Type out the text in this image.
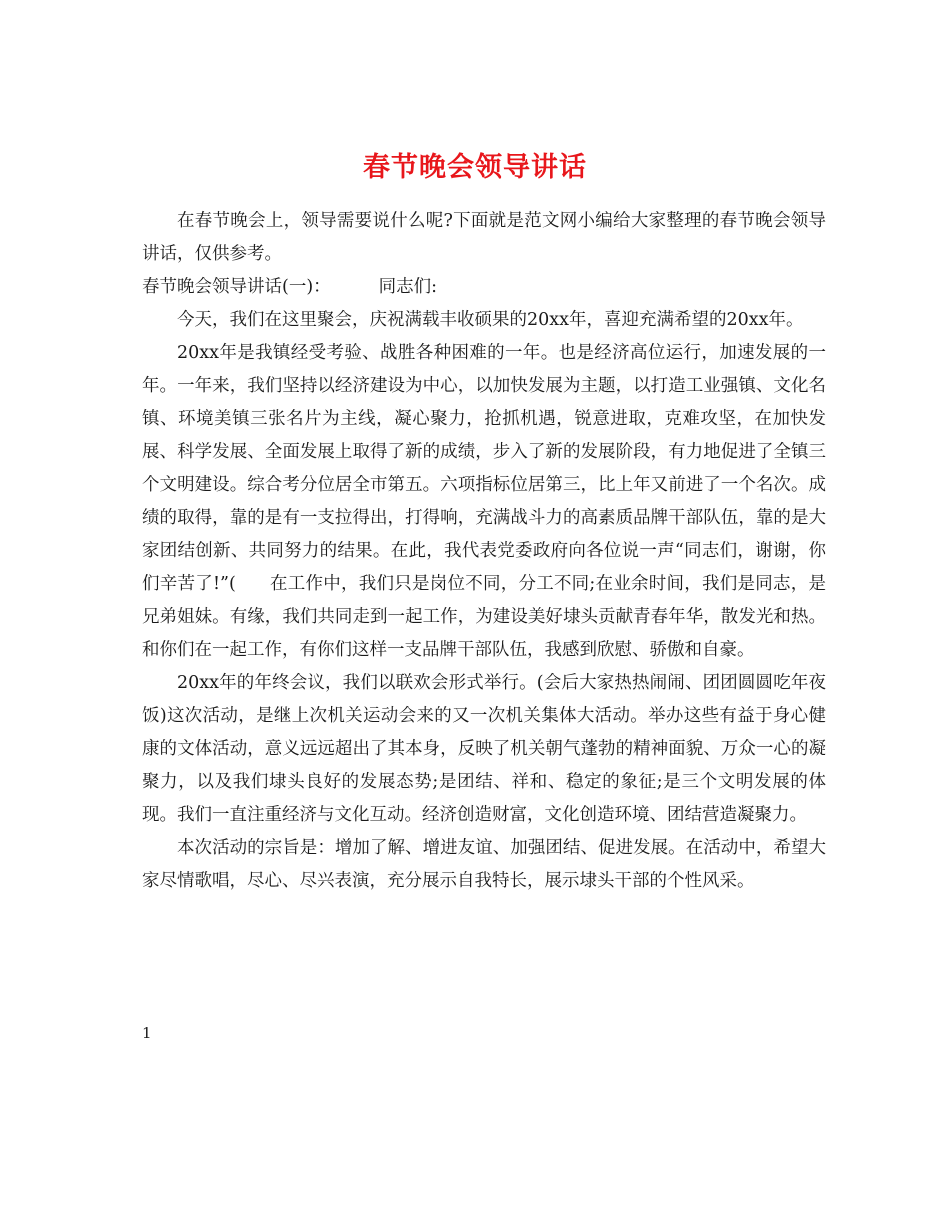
春节晚会领导讲话

在春节晚会上，领导需要说什么呢?下面就是范文网小编给大家整理的春节晚会领导讲话，仅供参考。

春节晚会领导讲话(一)：	同志们:

今天，我们在这里聚会，庆祝满载丰收硕果的20xx年，喜迎充满希望的20xx年。

20xx年是我镇经受考验、战胜各种困难的一年。也是经济高位运行，加速发展的一年。一年来，我们坚持以经济建设为中心，以加快发展为主题，以打造工业强镇、文化名镇、环境美镇三张名片为主线，凝心聚力，抢抓机遇，锐意进取，克难攻坚，在加快发展、科学发展、全面发展上取得了新的成绩，步入了新的发展阶段，有力地促进了全镇三个文明建设。综合考分位居全市第五。六项指标位居第三，比上年又前进了一个名次。成绩的取得，靠的是有一支拉得出，打得响，充满战斗力的高素质品牌干部队伍，靠的是大家团结创新、共同努力的结果。在此，我代表党委政府向各位说一声“同志们，谢谢，你们辛苦了!”( 在工作中，我们只是岗位不同，分工不同;在业余时间，我们是同志，是兄弟姐妹。有缘，我们共同走到一起工作，为建设美好埭头贡献青春年华，散发光和热。和你们在一起工作，有你们这样一支品牌干部队伍，我感到欣慰、骄傲和自豪。

20xx年的年终会议，我们以联欢会形式举行。(会后大家热热闹闹、团团圆圆吃年夜饭)这次活动，是继上次机关运动会来的又一次机关集体大活动。举办这些有益于身心健康的文体活动，意义远远超出了其本身，反映了机关朝气蓬勃的精神面貌、万众一心的凝聚力，以及我们埭头良好的发展态势;是团结、祥和、稳定的象征;是三个文明发展的体现。我们一直注重经济与文化互动。经济创造财富，文化创造环境、团结营造凝聚力。

本次活动的宗旨是：增加了解、增进友谊、加强团结、促进发展。在活动中，希望大家尽情歌唱，尽心、尽兴表演，充分展示自我特长，展示埭头干部的个性风采。

1
